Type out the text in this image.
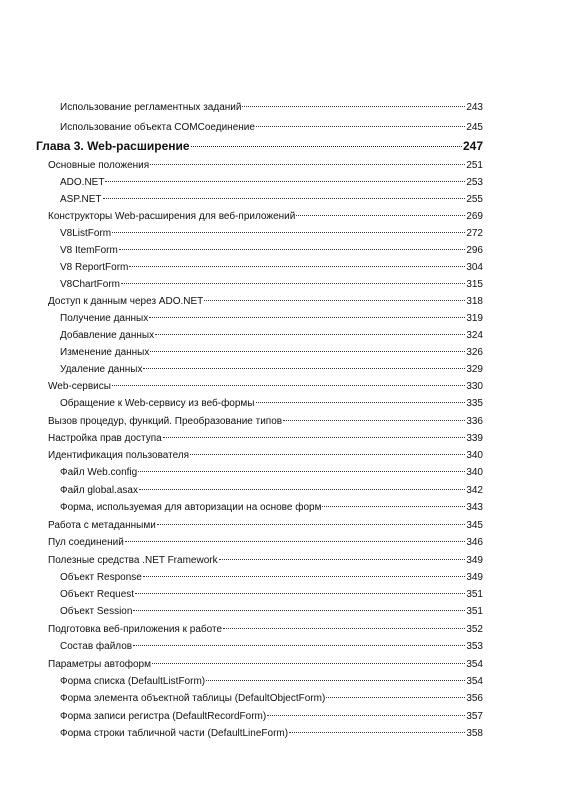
Использование регламентных заданий	243
Использование объекта COMСоединение	245
Глава 3. Web-расширение	247
Основные положения	251
ADO.NET	253
ASP.NET	255
Конструкторы Web-расширения для веб-приложений	269
V8ListForm	272
V8 ItemForm	296
V8 ReportForm	304
V8ChartForm	315
Доступ к данным через ADO.NET	318
Получение данных	319
Добавление данных	324
Изменение данных	326
Удаление данных	329
Web-сервисы	330
Обращение к Web-сервису из веб-формы	335
Вызов процедур, функций. Преобразование типов	336
Настройка прав доступа	339
Идентификация пользователя	340
Файл Web.config	340
Файл global.asax	342
Форма, используемая для авторизации на основе форм	343
Работа с метаданными	345
Пул соединений	346
Полезные средства .NET Framework	349
Объект Response	349
Объект Request	351
Объект Session	351
Подготовка веб-приложения к работе	352
Состав файлов	353
Параметры автоформ	354
Форма списка (DefaultListForm)	354
Форма элемента объектной таблицы (DefaultObjectForm)	356
Форма записи регистра (DefaultRecordForm)	357
Форма строки табличной части (DefaultLineForm)	358
